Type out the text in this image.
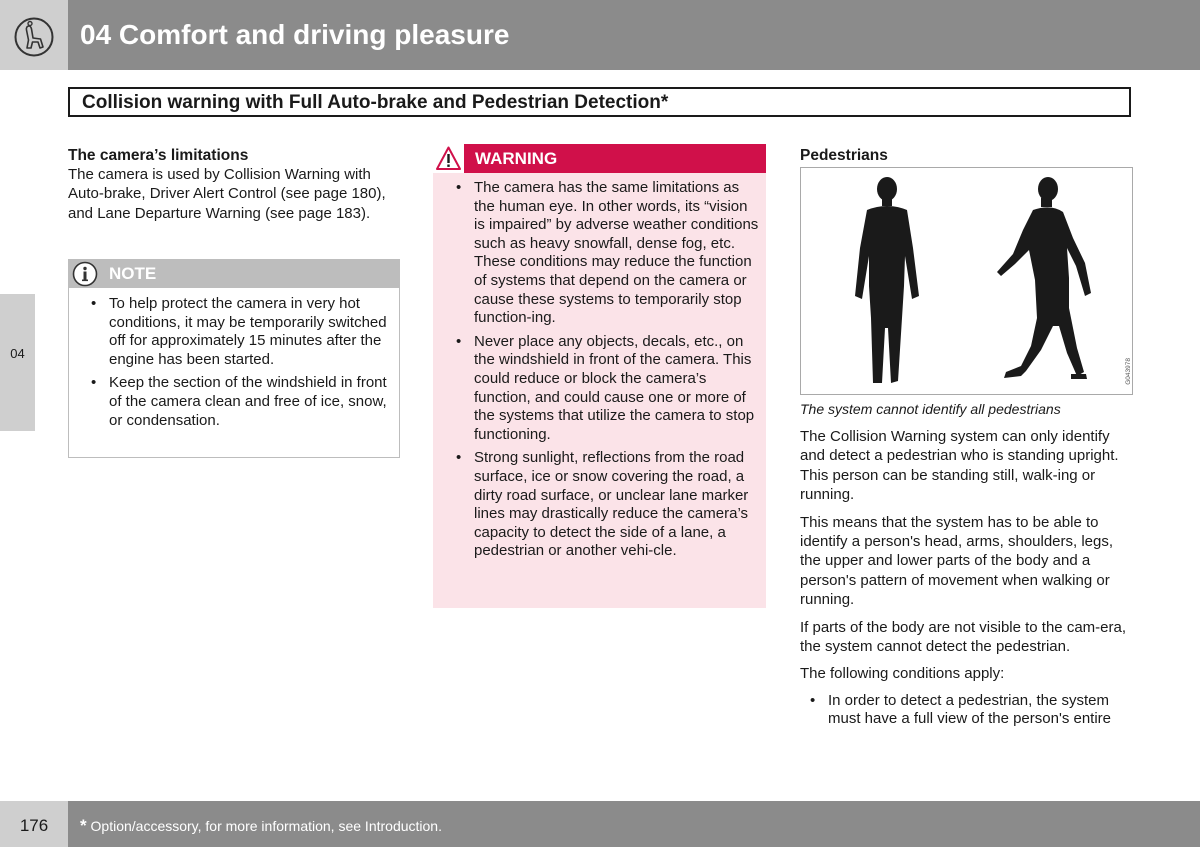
04 Comfort and driving pleasure
Collision warning with Full Auto-brake and Pedestrian Detection*
04
The camera’s limitations
The camera is used by Collision Warning with Auto-brake, Driver Alert Control (see page 180), and Lane Departure Warning (see page 183).
NOTE
• To help protect the camera in very hot conditions, it may be temporarily switched off for approximately 15 minutes after the engine has been started.
• Keep the section of the windshield in front of the camera clean and free of ice, snow, or condensation.
WARNING
• The camera has the same limitations as the human eye. In other words, its “vision is impaired” by adverse weather conditions such as heavy snowfall, dense fog, etc. These conditions may reduce the function of systems that depend on the camera or cause these systems to temporarily stop function-ing.
• Never place any objects, decals, etc., on the windshield in front of the camera. This could reduce or block the camera’s function, and could cause one or more of the systems that utilize the camera to stop functioning.
• Strong sunlight, reflections from the road surface, ice or snow covering the road, a dirty road surface, or unclear lane marker lines may drastically reduce the camera’s capacity to detect the side of a lane, a pedestrian or another vehi-cle.
Pedestrians
G043978
The system cannot identify all pedestrians
The Collision Warning system can only identify and detect a pedestrian who is standing upright. This person can be standing still, walk-ing or running.
This means that the system has to be able to identify a person's head, arms, shoulders, legs, the upper and lower parts of the body and a person's pattern of movement when walking or running.
If parts of the body are not visible to the cam-era, the system cannot detect the pedestrian.
The following conditions apply:
• In order to detect a pedestrian, the system must have a full view of the person's entire
176	* Option/accessory, for more information, see Introduction.
